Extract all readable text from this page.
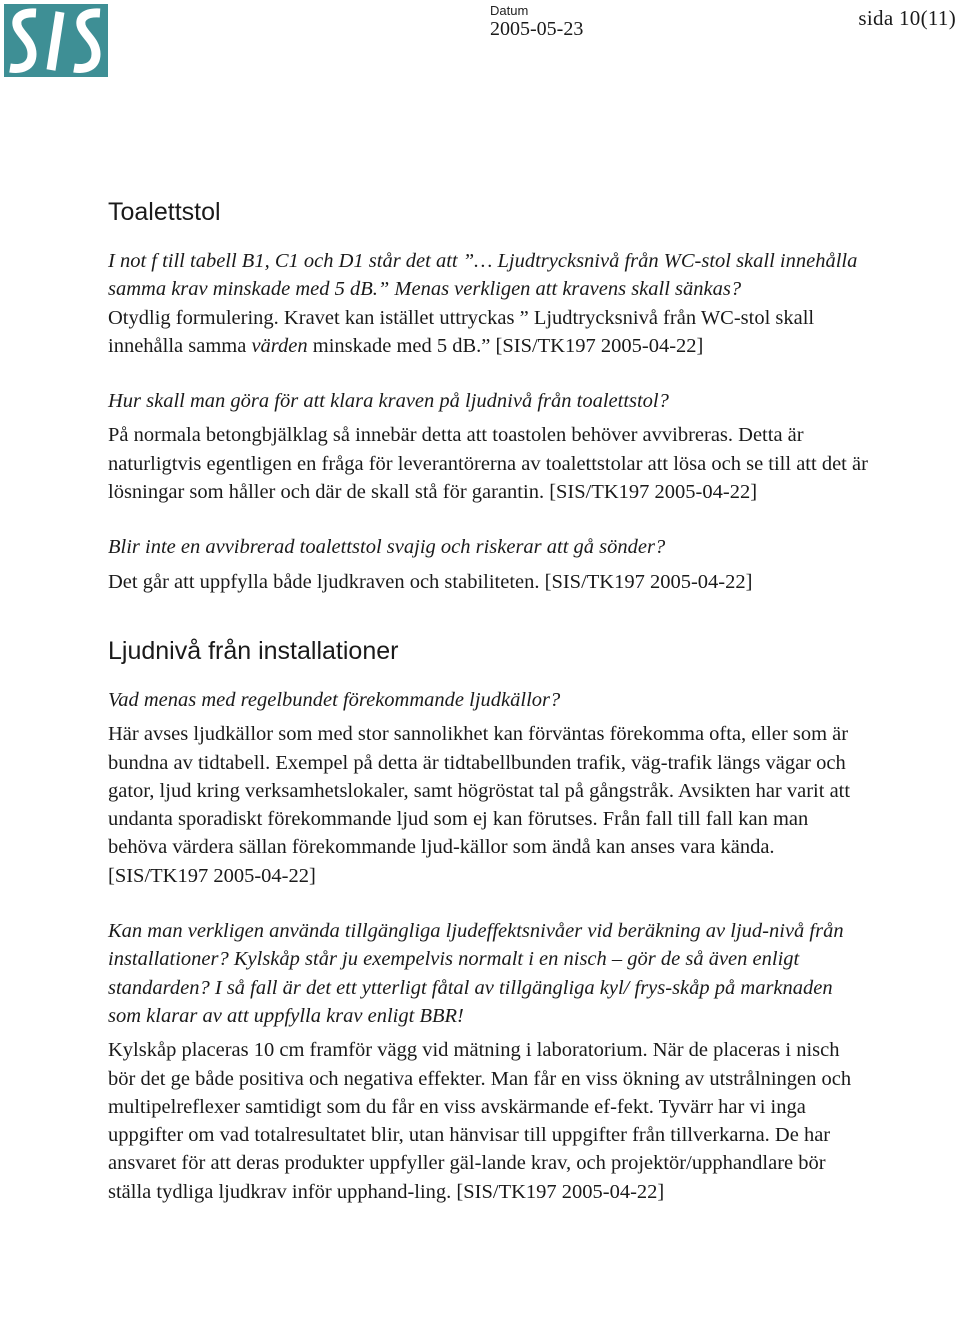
Datum
2005-05-23	sida 10(11)
Toalettstol

I not f till tabell B1, C1 och D1 står det att ”… Ljudtrycksnivå från WC-stol skall innehålla samma krav minskade med 5 dB.” Menas verkligen att kravens skall sänkas?

Otydlig formulering. Kravet kan istället uttryckas ” Ljudtrycksnivå från WC-stol skall innehålla samma värden minskade med 5 dB.” [SIS/TK197 2005-04-22]

Hur skall man göra för att klara kraven på ljudnivå från toalettstol?

På normala betongbjälklag så innebär detta att toastolen behöver avvibreras. Detta är naturligtvis egentligen en fråga för leverantörerna av toalettstolar att lösa och se till att det är lösningar som håller och där de skall stå för garantin. [SIS/TK197 2005-04-22]

Blir inte en avvibrerad toalettstol svajig och riskerar att gå sönder?

Det går att uppfylla både ljudkraven och stabiliteten. [SIS/TK197 2005-04-22]

Ljudnivå från installationer

Vad menas med regelbundet förekommande ljudkällor?

Här avses ljudkällor som med stor sannolikhet kan förväntas förekomma ofta, eller som är bundna av tidtabell. Exempel på detta är tidtabellbunden trafik, väg-trafik längs vägar och gator, ljud kring verksamhetslokaler, samt högröstat tal på gångstråk. Avsikten har varit att undanta sporadiskt förekommande ljud som ej kan förutses. Från fall till fall kan man behöva värdera sällan förekommande ljud-källor som ändå kan anses vara kända. [SIS/TK197 2005-04-22]

Kan man verkligen använda tillgängliga ljudeffektsnivåer vid beräkning av ljud-nivå från installationer? Kylskåp står ju exempelvis normalt i en nisch – gör de så även enligt standarden? I så fall är det ett ytterligt fåtal av tillgängliga kyl/ frys-skåp på marknaden som klarar av att uppfylla krav enligt BBR!

Kylskåp placeras 10 cm framför vägg vid mätning i laboratorium. När de placeras i nisch bör det ge både positiva och negativa effekter. Man får en viss ökning av utstrålningen och multipelreflexer samtidigt som du får en viss avskärmande ef-fekt. Tyvärr har vi inga uppgifter om vad totalresultatet blir, utan hänvisar till uppgifter från tillverkarna. De har ansvaret för att deras produkter uppfyller gäl-lande krav, och projektör/upphandlare bör ställa tydliga ljudkrav inför upphand-ling. [SIS/TK197 2005-04-22]
